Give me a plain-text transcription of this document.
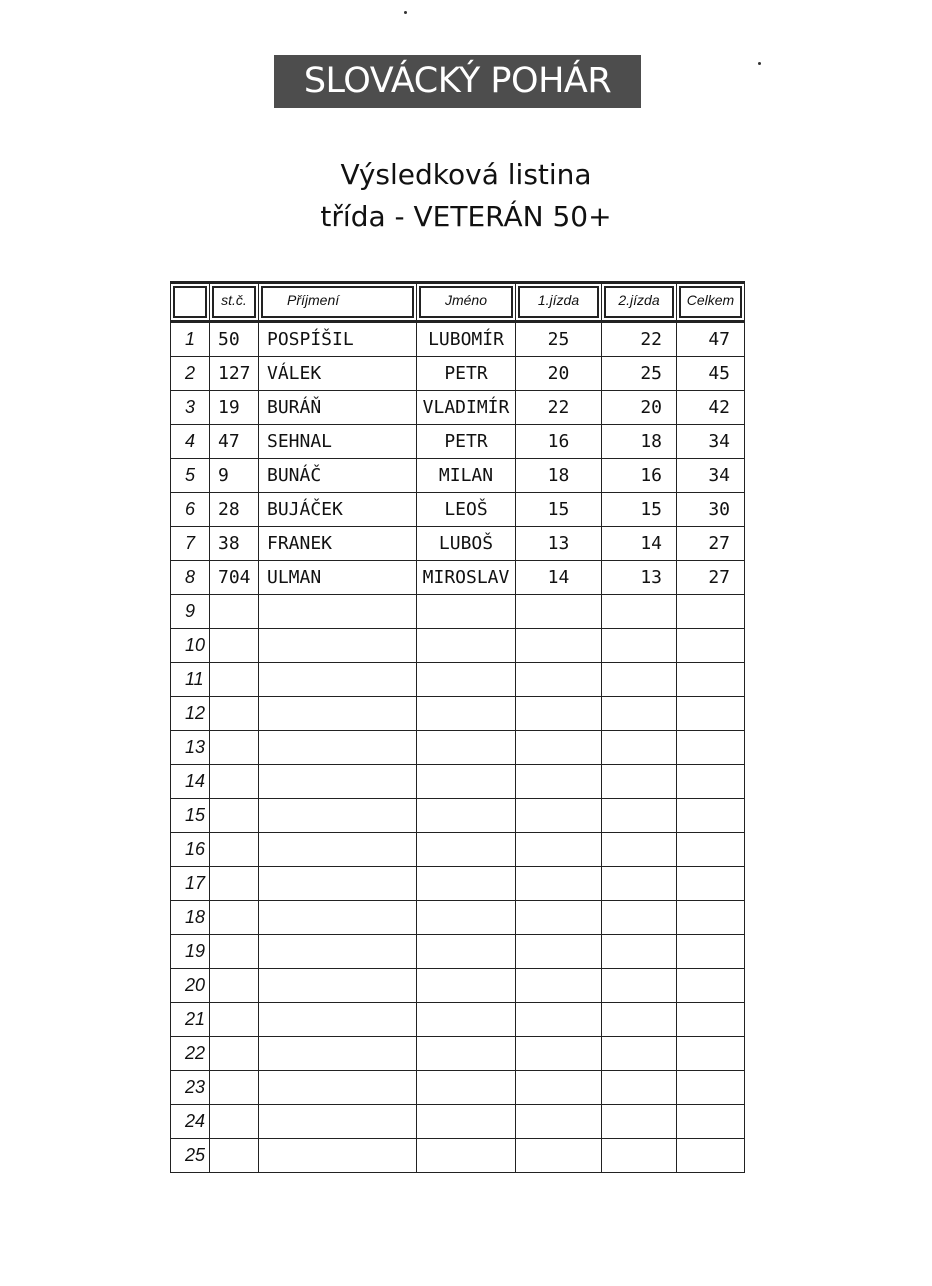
SLOVÁCKÝ POHÁR
Výsledková listina
třída - VETERÁN 50+

	st.č.	Příjmení	Jméno	1.jízda	2.jízda	Celkem

1	50	POSPÍŠIL	LUBOMÍR	25	22	47
2	127	VÁLEK	PETR	20	25	45
3	19	BURÁŇ	VLADIMÍR	22	20	42
4	47	SEHNAL	PETR	16	18	34
5	9	BUNÁČ	MILAN	18	16	34
6	28	BUJÁČEK	LEOŠ	15	15	30
7	38	FRANEK	LUBOŠ	13	14	27
8	704	ULMAN	MIROSLAV	14	13	27
9						
10						
11						
12						
13						
14						
15						
16						
17						
18						
19						
20						
21						
22						
23						
24						
25						
